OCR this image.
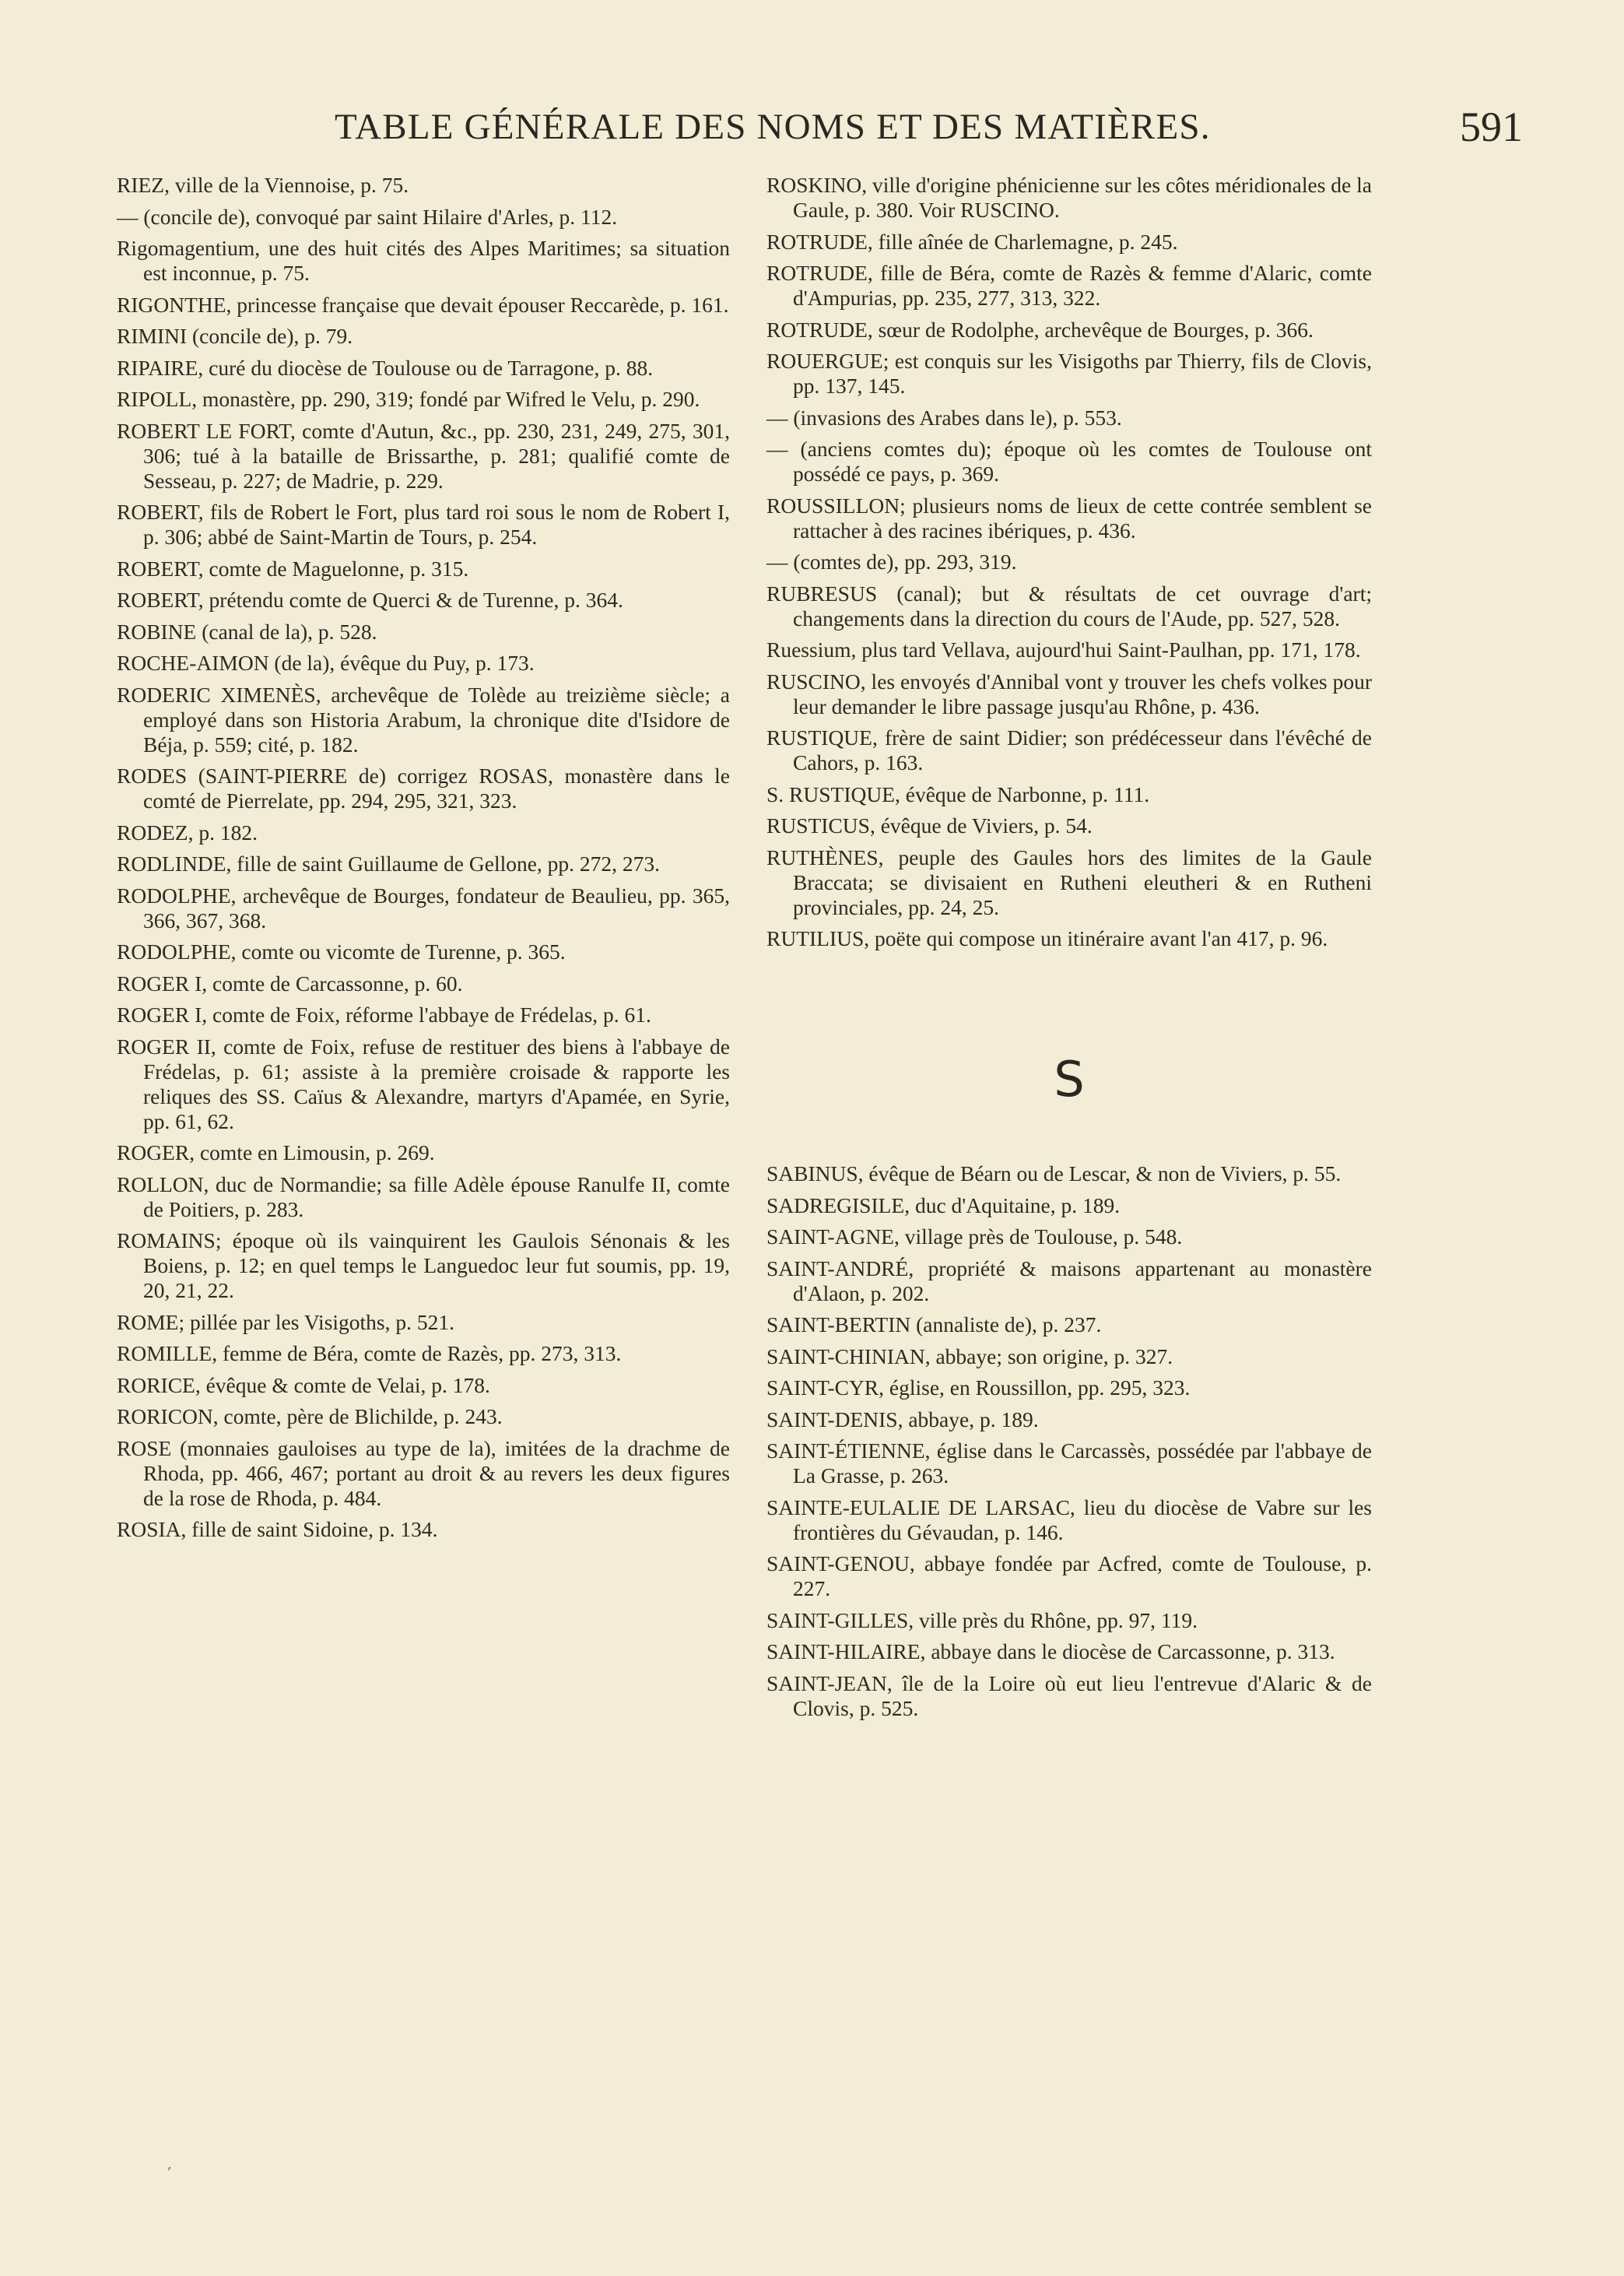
TABLE GÉNÉRALE DES NOMS ET DES MATIÈRES.	591

RIEZ, ville de la Viennoise, p. 75.

— (concile de), convoqué par saint Hilaire d'Arles, p. 112.

Rigomagentium, une des huit cités des Alpes Maritimes; sa situation est inconnue, p. 75.

RIGONTHE, princesse française que devait épouser Reccarède, p. 161.

RIMINI (concile de), p. 79.

RIPAIRE, curé du diocèse de Toulouse ou de Tarragone, p. 88.

RIPOLL, monastère, pp. 290, 319; fondé par Wifred le Velu, p. 290.

ROBERT LE FORT, comte d'Autun, &c., pp. 230, 231, 249, 275, 301, 306; tué à la bataille de Brissarthe, p. 281; qualifié comte de Sesseau, p. 227; de Madrie, p. 229.

ROBERT, fils de Robert le Fort, plus tard roi sous le nom de Robert I, p. 306; abbé de Saint-Martin de Tours, p. 254.

ROBERT, comte de Maguelonne, p. 315.

ROBERT, prétendu comte de Querci & de Turenne, p. 364.

ROBINE (canal de la), p. 528.

ROCHE-AIMON (de la), évêque du Puy, p. 173.

RODERIC XIMENÈS, archevêque de Tolède au treizième siècle; a employé dans son Historia Arabum, la chronique dite d'Isidore de Béja, p. 559; cité, p. 182.

RODES (SAINT-PIERRE de) corrigez ROSAS, monastère dans le comté de Pierrelate, pp. 294, 295, 321, 323.

RODEZ, p. 182.

RODLINDE, fille de saint Guillaume de Gellone, pp. 272, 273.

RODOLPHE, archevêque de Bourges, fondateur de Beaulieu, pp. 365, 366, 367, 368.

RODOLPHE, comte ou vicomte de Turenne, p. 365.

ROGER I, comte de Carcassonne, p. 60.

ROGER I, comte de Foix, réforme l'abbaye de Frédelas, p. 61.

ROGER II, comte de Foix, refuse de restituer des biens à l'abbaye de Frédelas, p. 61; assiste à la première croisade & rapporte les reliques des SS. Caïus & Alexandre, martyrs d'Apamée, en Syrie, pp. 61, 62.

ROGER, comte en Limousin, p. 269.

ROLLON, duc de Normandie; sa fille Adèle épouse Ranulfe II, comte de Poitiers, p. 283.

ROMAINS; époque où ils vainquirent les Gaulois Sénonais & les Boiens, p. 12; en quel temps le Languedoc leur fut soumis, pp. 19, 20, 21, 22.

ROME; pillée par les Visigoths, p. 521.

ROMILLE, femme de Béra, comte de Razès, pp. 273, 313.

RORICE, évêque & comte de Velai, p. 178.

RORICON, comte, père de Blichilde, p. 243.

ROSE (monnaies gauloises au type de la), imitées de la drachme de Rhoda, pp. 466, 467; portant au droit & au revers les deux figures de la rose de Rhoda, p. 484.

ROSIA, fille de saint Sidoine, p. 134.

ROSKINO, ville d'origine phénicienne sur les côtes méridionales de la Gaule, p. 380. Voir RUSCINO.

ROTRUDE, fille aînée de Charlemagne, p. 245.

ROTRUDE, fille de Béra, comte de Razès & femme d'Alaric, comte d'Ampurias, pp. 235, 277, 313, 322.

ROTRUDE, sœur de Rodolphe, archevêque de Bourges, p. 366.

ROUERGUE; est conquis sur les Visigoths par Thierry, fils de Clovis, pp. 137, 145.

— (invasions des Arabes dans le), p. 553.

— (anciens comtes du); époque où les comtes de Toulouse ont possédé ce pays, p. 369.

ROUSSILLON; plusieurs noms de lieux de cette contrée semblent se rattacher à des racines ibériques, p. 436.

— (comtes de), pp. 293, 319.

RUBRESUS (canal); but & résultats de cet ouvrage d'art; changements dans la direction du cours de l'Aude, pp. 527, 528.

Ruessium, plus tard Vellava, aujourd'hui Saint-Paulhan, pp. 171, 178.

RUSCINO, les envoyés d'Annibal vont y trouver les chefs volkes pour leur demander le libre passage jusqu'au Rhône, p. 436.

RUSTIQUE, frère de saint Didier; son prédécesseur dans l'évêché de Cahors, p. 163.

S. RUSTIQUE, évêque de Narbonne, p. 111.

RUSTICUS, évêque de Viviers, p. 54.

RUTHÈNES, peuple des Gaules hors des limites de la Gaule Braccata; se divisaient en Rutheni eleutheri & en Rutheni provinciales, pp. 24, 25.

RUTILIUS, poëte qui compose un itinéraire avant l'an 417, p. 96.

S

SABINUS, évêque de Béarn ou de Lescar, & non de Viviers, p. 55.

SADREGISILE, duc d'Aquitaine, p. 189.

SAINT-AGNE, village près de Toulouse, p. 548.

SAINT-ANDRÉ, propriété & maisons appartenant au monastère d'Alaon, p. 202.

SAINT-BERTIN (annaliste de), p. 237.

SAINT-CHINIAN, abbaye; son origine, p. 327.

SAINT-CYR, église, en Roussillon, pp. 295, 323.

SAINT-DENIS, abbaye, p. 189.

SAINT-ÉTIENNE, église dans le Carcassès, possédée par l'abbaye de La Grasse, p. 263.

SAINTE-EULALIE DE LARSAC, lieu du diocèse de Vabre sur les frontières du Gévaudan, p. 146.

SAINT-GENOU, abbaye fondée par Acfred, comte de Toulouse, p. 227.

SAINT-GILLES, ville près du Rhône, pp. 97, 119.

SAINT-HILAIRE, abbaye dans le diocèse de Carcassonne, p. 313.

SAINT-JEAN, île de la Loire où eut lieu l'entrevue d'Alaric & de Clovis, p. 525.

,
